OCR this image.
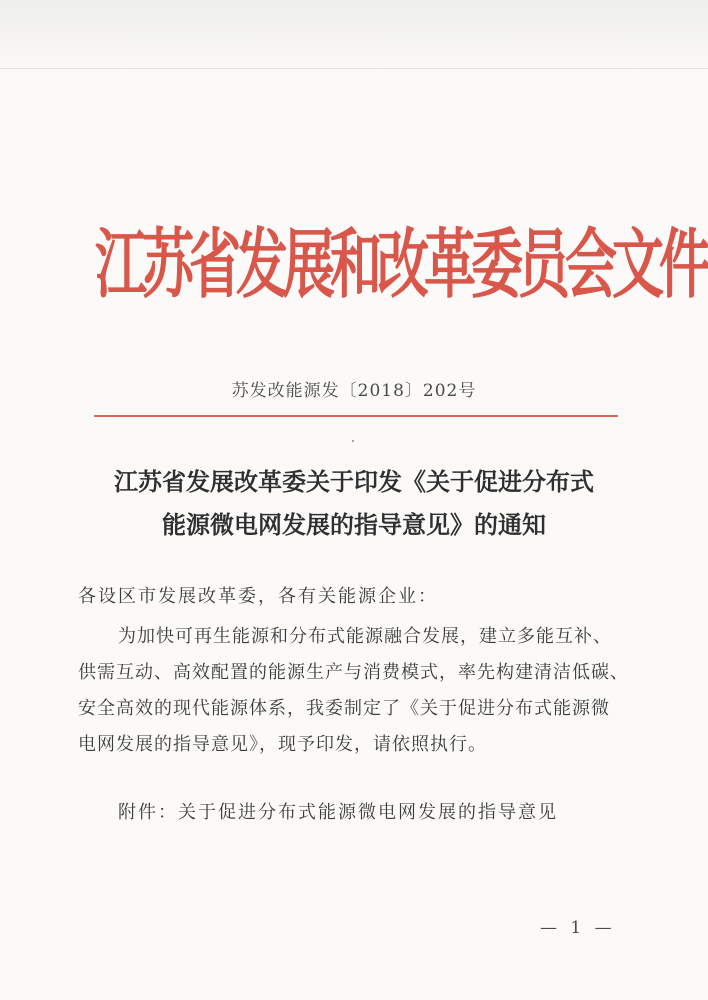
江苏省发展和改革委员会文件
苏发改能源发〔2018〕202号
江苏省发展改革委关于印发《关于促进分布式
能源微电网发展的指导意见》的通知
各设区市发展改革委，各有关能源企业：
为加快可再生能源和分布式能源融合发展，建立多能互补、
供需互动、高效配置的能源生产与消费模式，率先构建清洁低碳、
安全高效的现代能源体系，我委制定了《关于促进分布式能源微
电网发展的指导意见》，现予印发，请依照执行。
附件：关于促进分布式能源微电网发展的指导意见
— 1 —
